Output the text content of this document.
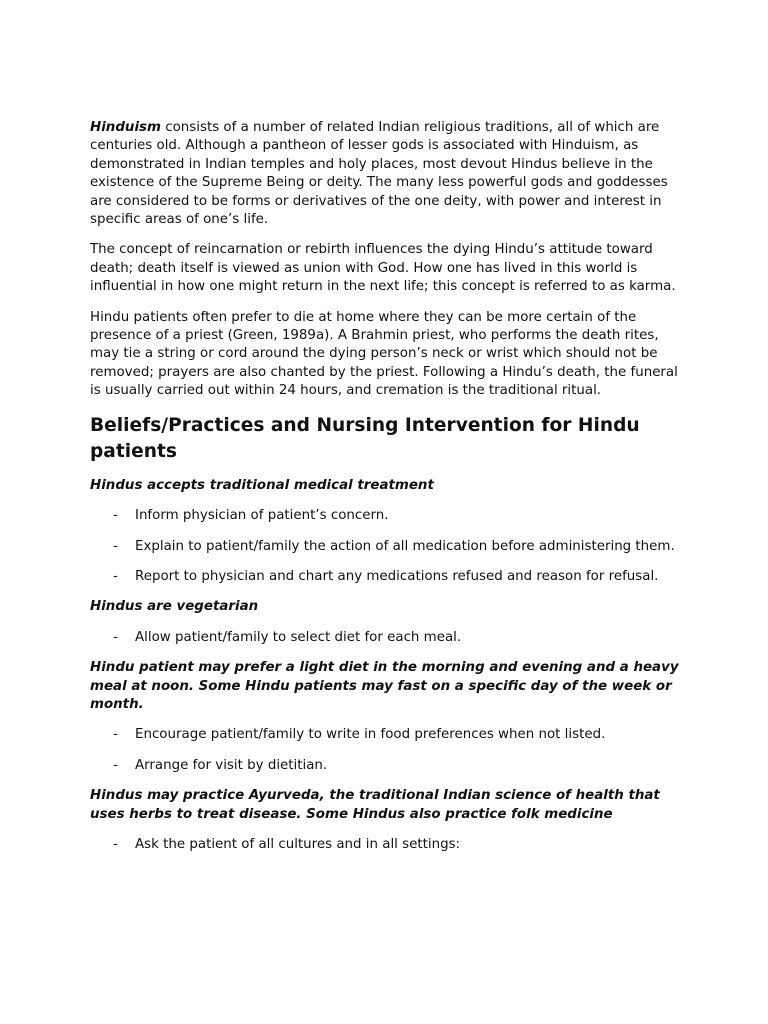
Hinduism consists of a number of related Indian religious traditions, all of which are centuries old. Although a pantheon of lesser gods is associated with Hinduism, as demonstrated in Indian temples and holy places, most devout Hindus believe in the existence of the Supreme Being or deity. The many less powerful gods and goddesses are considered to be forms or derivatives of the one deity, with power and interest in specific areas of one’s life.

The concept of reincarnation or rebirth influences the dying Hindu’s attitude toward death; death itself is viewed as union with God. How one has lived in this world is influential in how one might return in the next life; this concept is referred to as karma.

Hindu patients often prefer to die at home where they can be more certain of the presence of a priest (Green, 1989a). A Brahmin priest, who performs the death rites, may tie a string or cord around the dying person’s neck or wrist which should not be removed; prayers are also chanted by the priest. Following a Hindu’s death, the funeral is usually carried out within 24 hours, and cremation is the traditional ritual.

Beliefs/Practices and Nursing Intervention for Hindu patients
Hindus accepts traditional medical treatment
- Inform physician of patient’s concern.
- Explain to patient/family the action of all medication before administering them.
- Report to physician and chart any medications refused and reason for refusal.
Hindus are vegetarian
- Allow patient/family to select diet for each meal.
Hindu patient may prefer a light diet in the morning and evening and a heavy meal at noon. Some Hindu patients may fast on a specific day of the week or month.
- Encourage patient/family to write in food preferences when not listed.
- Arrange for visit by dietitian.
Hindus may practice Ayurveda, the traditional Indian science of health that uses herbs to treat disease. Some Hindus also practice folk medicine
- Ask the patient of all cultures and in all settings:
